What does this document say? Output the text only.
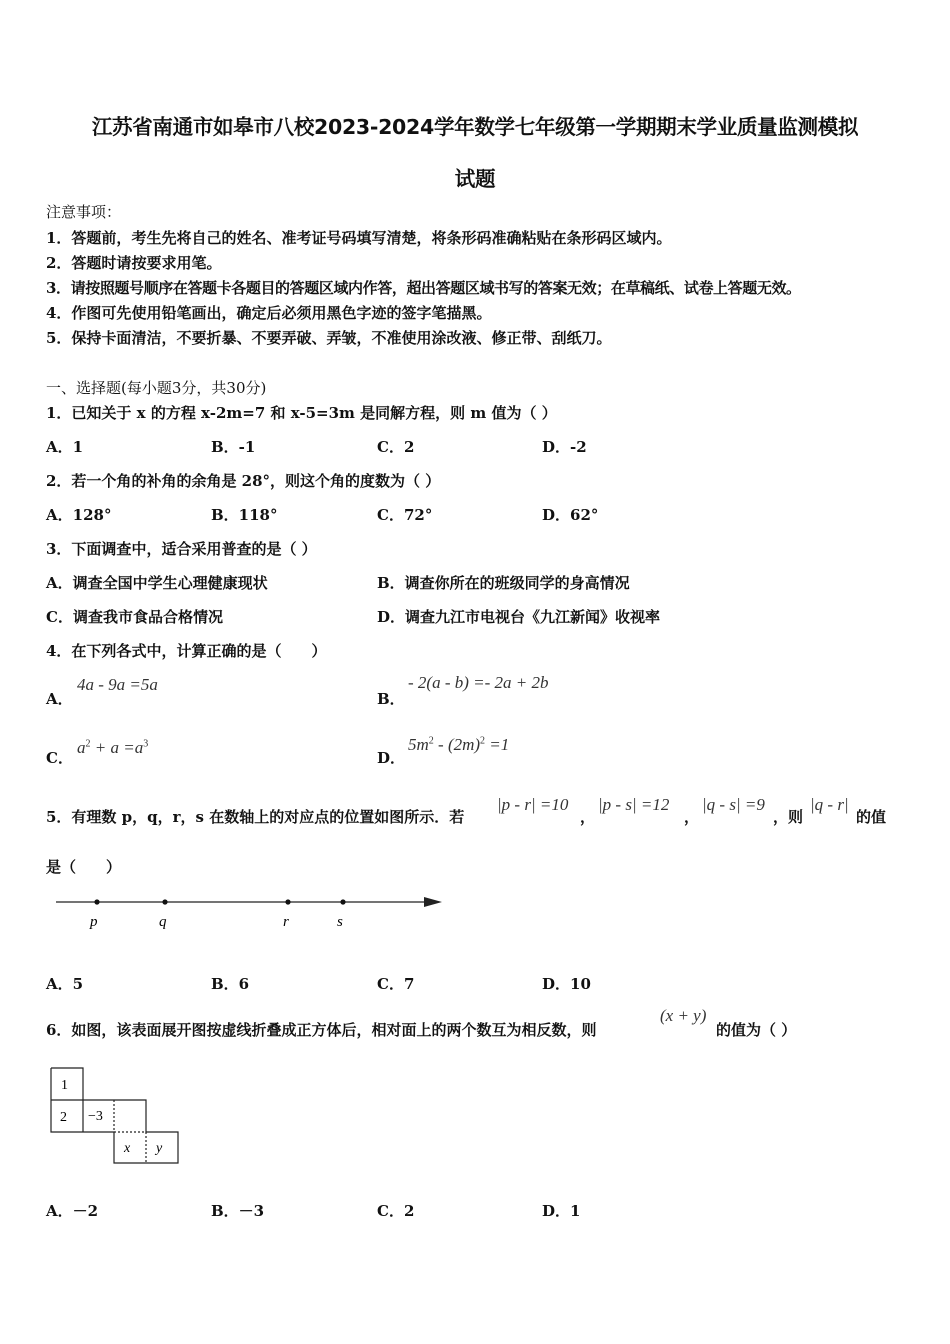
江苏省南通市如皋市八校2023-2024学年数学七年级第一学期期末学业质量监测模拟
试题
注意事项：
1．答题前，考生先将自己的姓名、准考证号码填写清楚，将条形码准确粘贴在条形码区域内。
2．答题时请按要求用笔。
3．请按照题号顺序在答题卡各题目的答题区域内作答，超出答题区域书写的答案无效；在草稿纸、试卷上答题无效。
4．作图可先使用铅笔画出，确定后必须用黑色字迹的签字笔描黑。
5．保持卡面清洁，不要折暴、不要弄破、弄皱，不准使用涂改液、修正带、刮纸刀。
一、选择题(每小题3分，共30分)
1．已知关于 x 的方程 x-2m=7 和 x-5=3m 是同解方程，则 m 值为（ ）
A．1	B．-1	C．2	D．-2
2．若一个角的补角的余角是 28°，则这个角的度数为（ ）
A．128°	B．118°	C．72°	D．62°
3．下面调查中，适合采用普查的是（ ）
A．调查全国中学生心理健康现状	B．调查你所在的班级同学的身高情况
C．调查我市食品合格情况	D．调查九江市电视台《九江新闻》收视率
4．在下列各式中，计算正确的是（　　）
A．
4a - 9a =5a
B．
- 2(a - b) =- 2a + 2b
C．
$a^2 + a =a^3$
D．
$5m^2 - (2m)^2 =1$
5．有理数 p，q，r，s 在数轴上的对应点的位置如图所示．若
|p - r| =10
，
|p - s| =12
，
|q - s| =9
，则
|q - r|
的值
是（　　）
p	q	r	s
A．5	B．6	C．7	D．10
6．如图，该表面展开图按虚线折叠成正方体后，相对面上的两个数互为相反数，则
(x + y)
的值为（ ）
1
2 −3
x y
A．－2	B．－3	C．2	D．1
